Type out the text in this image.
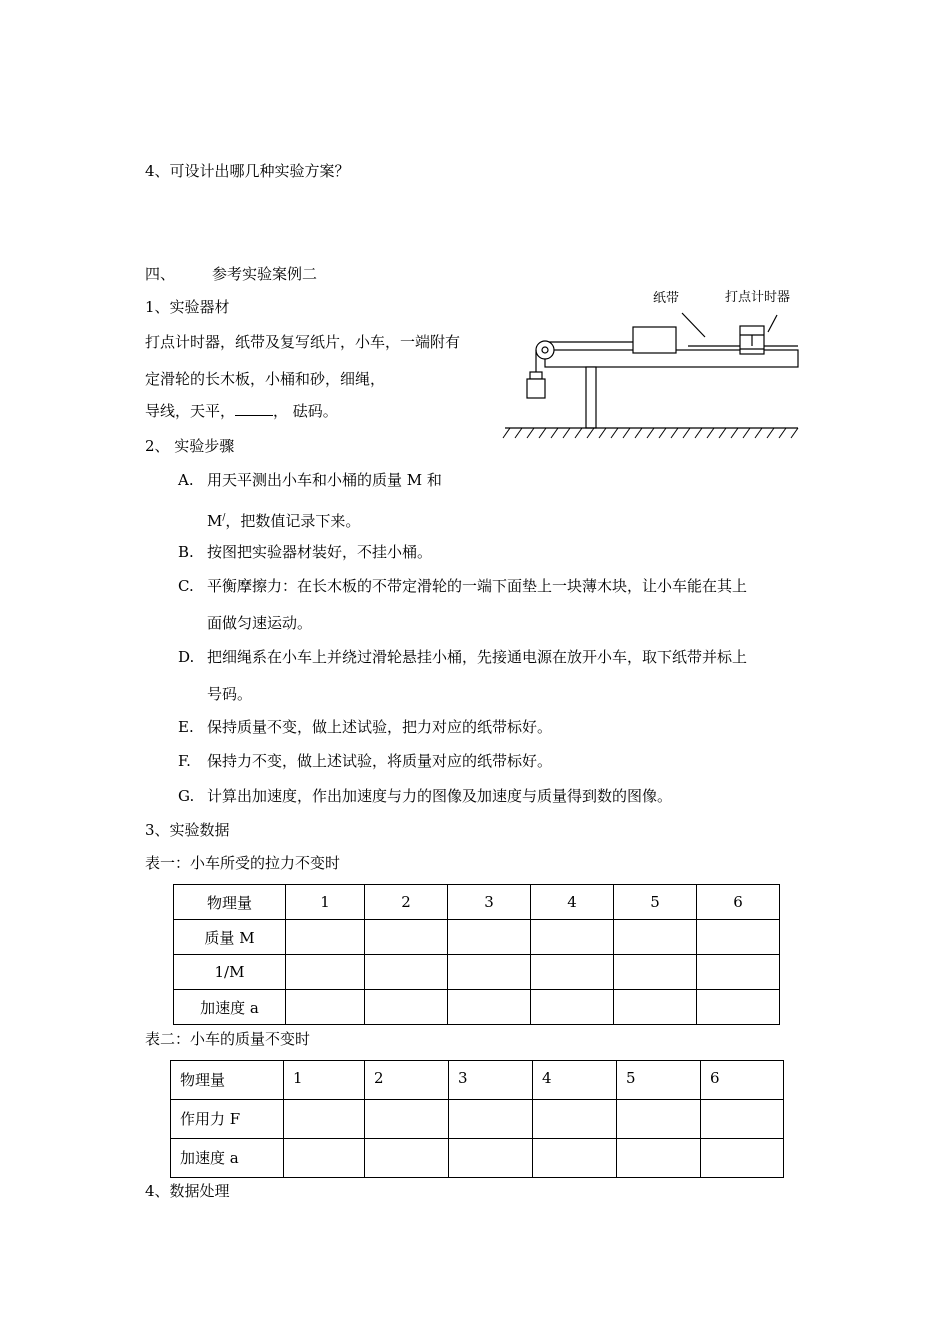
4、可设计出哪几种实验方案？
四、 参考实验案例二
1、实验器材
打点计时器，纸带及复写纸片，小车，一端附有
定滑轮的长木板，小桶和砂，细绳，
导线，天平，	， 砝码。
纸带	打点计时器
2、 实验步骤
A. 用天平测出小车和小桶的质量 M 和
M/，把数值记录下来。
B. 按图把实验器材装好，不挂小桶。
C. 平衡摩擦力：在长木板的不带定滑轮的一端下面垫上一块薄木块，让小车能在其上
面做匀速运动。
D. 把细绳系在小车上并绕过滑轮悬挂小桶，先接通电源在放开小车，取下纸带并标上
号码。
E. 保持质量不变，做上述试验，把力对应的纸带标好。
F. 保持力不变，做上述试验，将质量对应的纸带标好。
G. 计算出加速度，作出加速度与力的图像及加速度与质量得到数的图像。
3、实验数据
表一：小车所受的拉力不变时
物理量	1	2	3	4	5	6
质量 M						
1/M						
加速度 a						
表二：小车的质量不变时
物理量	1	2	3	4	5	6
作用力 F						
加速度 a						
4、数据处理
